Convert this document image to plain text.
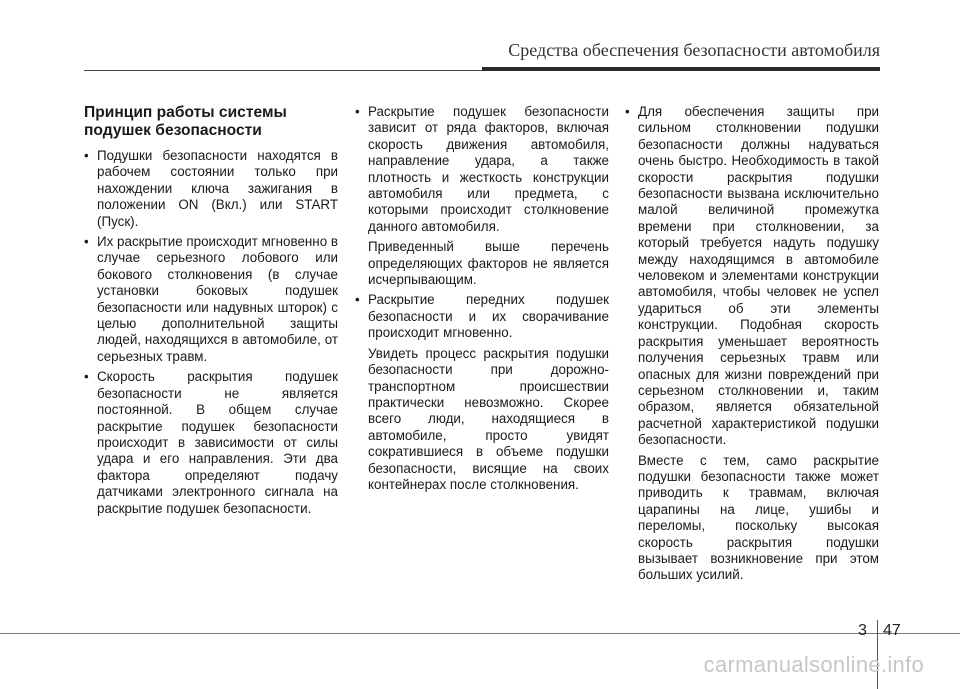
Средства обеспечения безопасности автомобиля
Принцип работы системы
подушек безопасности
• Подушки безопасности находятся в рабочем состоянии только при нахождении ключа зажигания в положении ON (Вкл.) или START (Пуск).
• Их раскрытие происходит мгновенно в случае серьезного лобового или бокового столкновения (в случае установки боковых подушек безопасности или надувных шторок) с целью дополнительной защиты людей, находящихся в автомобиле, от серьезных травм.
• Скорость раскрытия подушек безопасности не является постоянной. В общем случае раскрытие подушек безопасности происходит в зависимости от силы удара и его направления. Эти два фактора определяют подачу датчиками электронного сигнала на раскрытие подушек безопасности.
• Раскрытие подушек безопасности зависит от ряда факторов, включая скорость движения автомобиля, направление удара, а также плотность и жесткость конструкции автомобиля или предмета, с которыми происходит столкновение данного автомобиля.
Приведенный выше перечень определяющих факторов не является исчерпывающим.
• Раскрытие передних подушек безопасности и их сворачивание происходит мгновенно.
Увидеть процесс раскрытия подушки безопасности при дорожно-транспортном происшествии практически невозможно. Скорее всего люди, находящиеся в автомобиле, просто увидят сократившиеся в объеме подушки безопасности, висящие на своих контейнерах после столкновения.
• Для обеспечения защиты при сильном столкновении подушки безопасности должны надуваться очень быстро. Необходимость в такой скорости раскрытия подушки безопасности вызвана исключительно малой величиной промежутка времени при столкновении, за который требуется надуть подушку между находящимся в автомобиле человеком и элементами конструкции автомобиля, чтобы человек не успел удариться об эти элементы конструкции. Подобная скорость раскрытия уменьшает вероятность получения серьезных травм или опасных для жизни повреждений при серьезном столкновении и, таким образом, является обязательной расчетной характеристикой подушки безопасности.
Вместе с тем, само раскрытие подушки безопасности также может приводить к травмам, включая царапины на лице, ушибы и переломы, поскольку высокая скорость раскрытия подушки вызывает возникновение при этом больших усилий.
3 47
carmanualsonline.info
